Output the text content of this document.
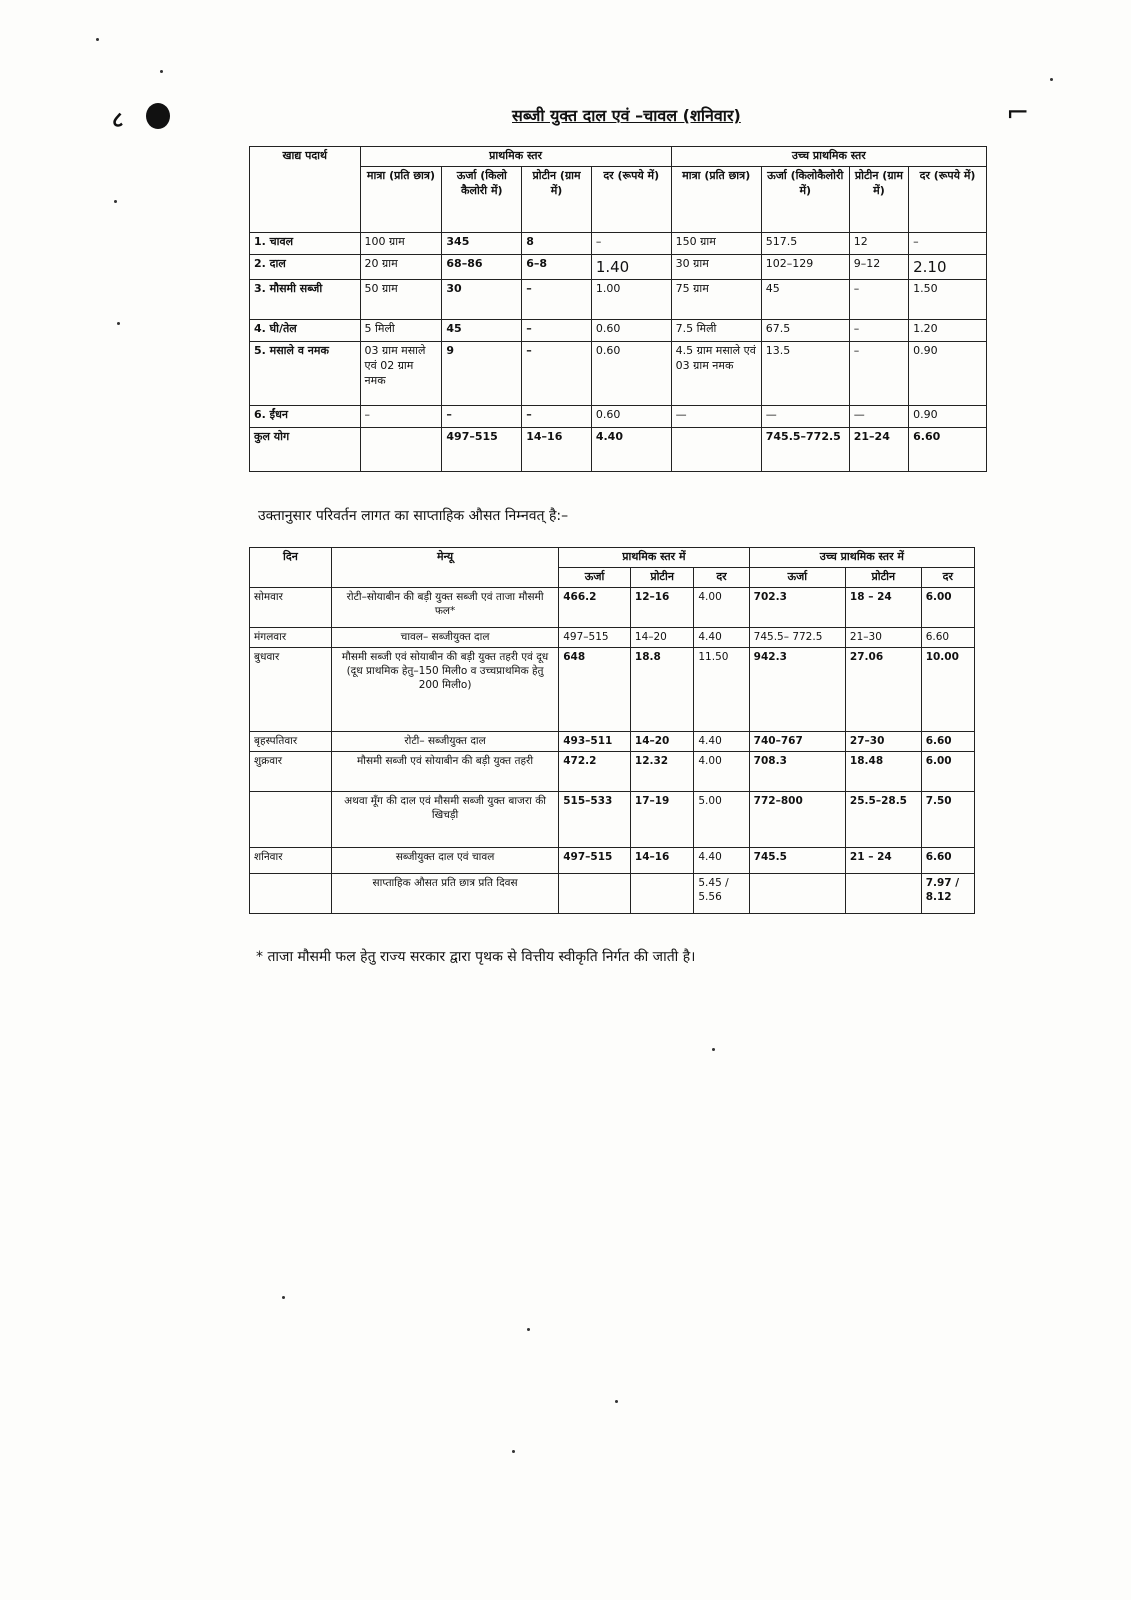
८	⌐
सब्जी युक्त दाल एवं –चावल (शनिवार)
खाद्य पदार्थ	प्राथमिक स्तर				उच्च प्राथमिक स्तर			
	मात्रा (प्रति छात्र)	ऊर्जा (किलो कैलोरी में)	प्रोटीन (ग्राम में)	दर (रूपये में)	मात्रा (प्रति छात्र)	ऊर्जा (किलोकैलोरी में)	प्रोटीन (ग्राम में)	दर (रूपये में)
1. चावल	100 ग्राम	345	8	–	150 ग्राम	517.5	12	–
2. दाल	20 ग्राम	68–86	6–8	1.40	30 ग्राम	102–129	9–12	2.10
3. मौसमी सब्जी	50 ग्राम	30	–	1.00	75 ग्राम	45	–	1.50
4. घी/तेल	5 मिली	45	–	0.60	7.5 मिली	67.5	–	1.20
5. मसाले व नमक	03 ग्राम मसाले एवं 02 ग्राम नमक	9	–	0.60	4.5 ग्राम मसाले एवं 03 ग्राम नमक	13.5	–	0.90
6. ईंधन	–	–	–	0.60	—	—	—	0.90
कुल योग		497–515	14–16	4.40		745.5–772.5	21–24	6.60
उक्तानुसार परिवर्तन लागत का साप्ताहिक औसत निम्नवत् है:–
दिन	मेन्यू	प्राथमिक स्तर में			उच्च प्राथमिक स्तर में		
		ऊर्जा	प्रोटीन	दर	ऊर्जा	प्रोटीन	दर
सोमवार	रोटी–सोयाबीन की बड़ी युक्त सब्जी एवं ताजा मौसमी फल*	466.2	12–16	4.00	702.3	18 – 24	6.00
मंगलवार	चावल– सब्जीयुक्त दाल	497–515	14–20	4.40	745.5– 772.5	21–30	6.60
बुधवार	मौसमी सब्जी एवं सोयाबीन की बड़ी युक्त तहरी एवं दूध (दूध प्राथमिक हेतु–150 मिलीo व उच्चप्राथमिक हेतु 200 मिलीo)	648	18.8	11.50	942.3	27.06	10.00
बृहस्पतिवार	रोटी– सब्जीयुक्त दाल	493–511	14–20	4.40	740–767	27–30	6.60
शुक्रवार	मौसमी सब्जी एवं सोयाबीन की बड़ी युक्त तहरी	472.2	12.32	4.00	708.3	18.48	6.00
	अथवा मूँग की दाल एवं मौसमी सब्जी युक्त बाजरा की खिचड़ी	515–533	17–19	5.00	772–800	25.5–28.5	7.50
शनिवार	सब्जीयुक्त दाल एवं चावल	497–515	14–16	4.40	745.5	21 – 24	6.60
	साप्ताहिक औसत प्रति छात्र प्रति दिवस			5.45 / 5.56			7.97 / 8.12
* ताजा मौसमी फल हेतु राज्य सरकार द्वारा पृथक से वित्तीय स्वीकृति निर्गत की जाती है।
